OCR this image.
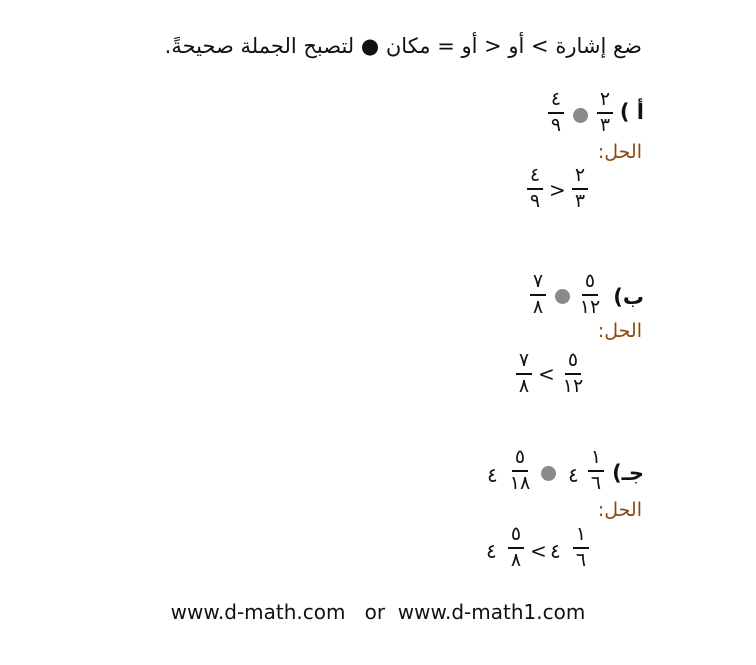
ضع إشارة > أو < أو = مكان ● لتصبح الجملة صحيحةً.
أ )
٢
٣
٤
٩
الحل:
٢
٣
>
٤
٩
ب)
٥
١٢
٧
٨
الحل:
٥
١٢
<
٧
٨
جـ)
١
٦
٤
٥
١٨
٤
الحل:
١
٦
٤
<
٥
٨
٤
www.d-math.com   or  www.d-math1.com
